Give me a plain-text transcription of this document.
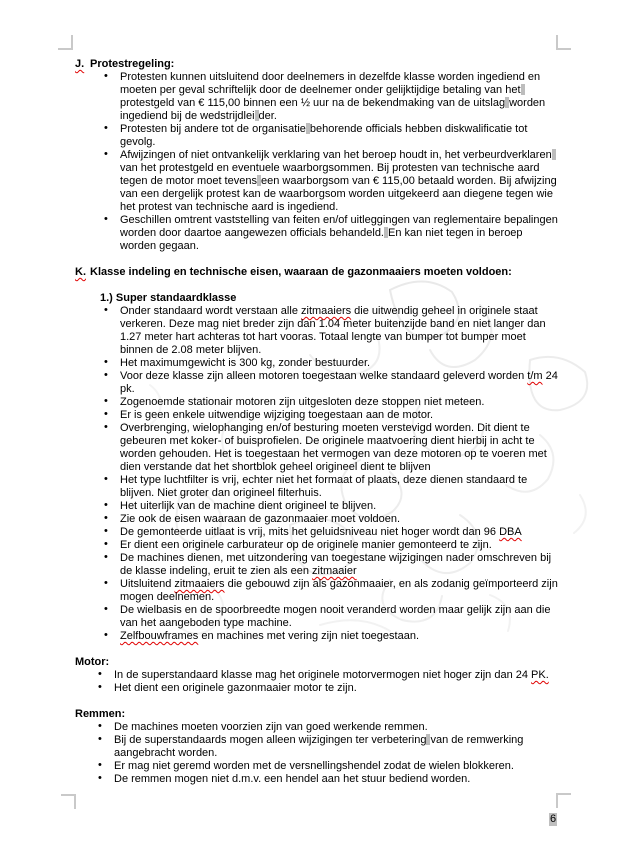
J. Protestregeling:
• Protesten kunnen uitsluitend door deelnemers in dezelfde klasse worden ingediend en moeten per geval schriftelijk door de deelnemer onder gelijktijdige betaling van hetprotestgeld van € 115,00 binnen een ½ uur na de bekendmaking van de uitslag worden ingediend bij de wedstrijdlei der.
• Protesten bij andere tot de organisatie behorende officials hebben diskwalificatie tot gevolg.
• Afwijzingen of niet ontvankelijk verklaring van het beroep houdt in, het verbeurdverklarenvan het protestgeld en eventuele waarborgsommen. Bij protesten van technische aard tegen de motor moet tevens een waarborgsom van € 115,00 betaald worden. Bij afwijzing van een dergelijk protest kan de waarborgsom worden uitgekeerd aan diegene tegen wie het protest van technische aard is ingediend.
• Geschillen omtrent vaststelling van feiten en/of uitleggingen van reglementaire bepalingen worden door daartoe aangewezen officials behandeld. En kan niet tegen in beroep worden gegaan.
K. Klasse indeling en technische eisen, waaraan de gazonmaaiers moeten voldoen:
1.) Super standaardklasse
• Onder standaard wordt verstaan alle zitmaaiers die uitwendig geheel in originele staat verkeren. Deze mag niet breder zijn dan 1.04 meter buitenzijde band en niet langer dan 1.27 meter hart achteras tot hart vooras. Totaal lengte van bumper tot bumper moet binnen de 2.08 meter blijven.
• Het maximumgewicht is 300 kg, zonder bestuurder.
• Voor deze klasse zijn alleen motoren toegestaan welke standaard geleverd worden t/m 24 pk.
• Zogenoemde stationair motoren zijn uitgesloten deze stoppen niet meteen.
• Er is geen enkele uitwendige wijziging toegestaan aan de motor.
• Overbrenging, wielophanging en/of besturing moeten verstevigd worden. Dit dient te gebeuren met koker- of buisprofielen. De originele maatvoering dient hierbij in acht te worden gehouden. Het is toegestaan het vermogen van deze motoren op te voeren met dien verstande dat het shortblok geheel origineel dient te blijven
• Het type luchtfilter is vrij, echter niet het formaat of plaats, deze dienen standaard te blijven. Niet groter dan origineel filterhuis.
• Het uiterlijk van de machine dient origineel te blijven.
• Zie ook de eisen waaraan de gazonmaaier moet voldoen.
• De gemonteerde uitlaat is vrij, mits het geluidsniveau niet hoger wordt dan 96 DBA
• Er dient een originele carburateur op de originele manier gemonteerd te zijn.
• De machines dienen, met uitzondering van toegestane wijzigingen nader omschreven bij de klasse indeling, eruit te zien als een zitmaaier
• Uitsluitend zitmaaiers die gebouwd zijn als gazonmaaier, en als zodanig geïmporteerd zijn mogen deelnemen.
• De wielbasis en de spoorbreedte mogen nooit veranderd worden maar gelijk zijn aan die van het aangeboden type machine.
• Zelfbouwframes en machines met vering zijn niet toegestaan.
Motor:
• In de superstandaard klasse mag het originele motorvermogen niet hoger zijn dan 24 PK.
• Het dient een originele gazonmaaier motor te zijn.
Remmen:
• De machines moeten voorzien zijn van goed werkende remmen.
• Bij de superstandaards mogen alleen wijzigingen ter verbetering van de remwerking aangebracht worden.
• Er mag niet geremd worden met de versnellingshendel zodat de wielen blokkeren.
• De remmen mogen niet d.m.v. een hendel aan het stuur bediend worden.
6
